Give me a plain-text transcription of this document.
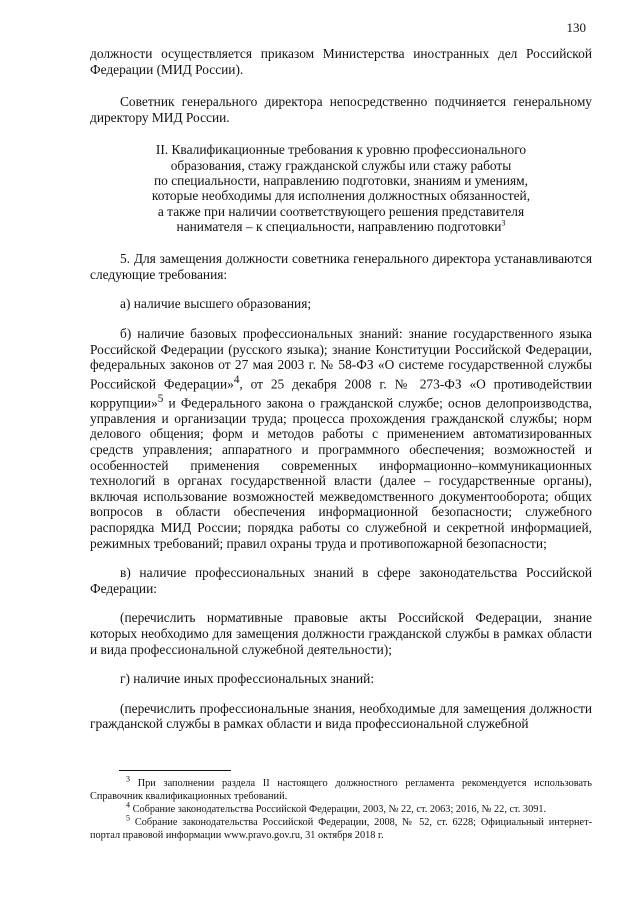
130

должности осуществляется приказом Министерства иностранных дел Российской Федерации (МИД России).

Советник генерального директора непосредственно подчиняется генеральному директору МИД России.

II. Квалификационные требования к уровню профессионального
образования, стажу гражданской службы или стажу работы
по специальности, направлению подготовки, знаниям и умениям,
которые необходимы для исполнения должностных обязанностей,
а также при наличии соответствующего решения представителя
нанимателя – к специальности, направлению подготовки$^3$

5. Для замещения должности советника генерального директора устанавливаются следующие требования:

а) наличие высшего образования;

б) наличие базовых профессиональных знаний: знание государственного языка Российской Федерации (русского языка); знание Конституции Российской Федерации, федеральных законов от 27 мая 2003 г. № 58-ФЗ «О системе государственной службы Российской Федерации»$^4$, от 25 декабря 2008 г. № 273-ФЗ «О противодействии коррупции»$^5$ и Федерального закона о гражданской службе; основ делопроизводства, управления и организации труда; процесса прохождения гражданской службы; норм делового общения; форм и методов работы с применением автоматизированных средств управления; аппаратного и программного обеспечения; возможностей и особенностей применения современных информационно–коммуникационных технологий в органах государственной власти (далее – государственные органы), включая использование возможностей межведомственного документооборота; общих вопросов в области обеспечения информационной безопасности; служебного распорядка МИД России; порядка работы со служебной и секретной информацией, режимных требований; правил охраны труда и противопожарной безопасности;

в) наличие профессиональных знаний в сфере законодательства Российской Федерации:

(перечислить нормативные правовые акты Российской Федерации, знание которых необходимо для замещения должности гражданской службы в рамках области и вида профессиональной служебной деятельности);

г) наличие иных профессиональных знаний:

(перечислить профессиональные знания, необходимые для замещения должности гражданской службы в рамках области и вида профессиональной служебной

$^3$ При заполнении раздела II настоящего должностного регламента рекомендуется использовать Справочник квалификационных требований.
$^4$ Собрание законодательства Российской Федерации, 2003, № 22, ст. 2063; 2016, № 22, ст. 3091.
$^5$ Собрание законодательства Российской Федерации, 2008, № 52, ст. 6228; Официальный интернет-портал правовой информации www.pravo.gov.ru, 31 октября 2018 г.
